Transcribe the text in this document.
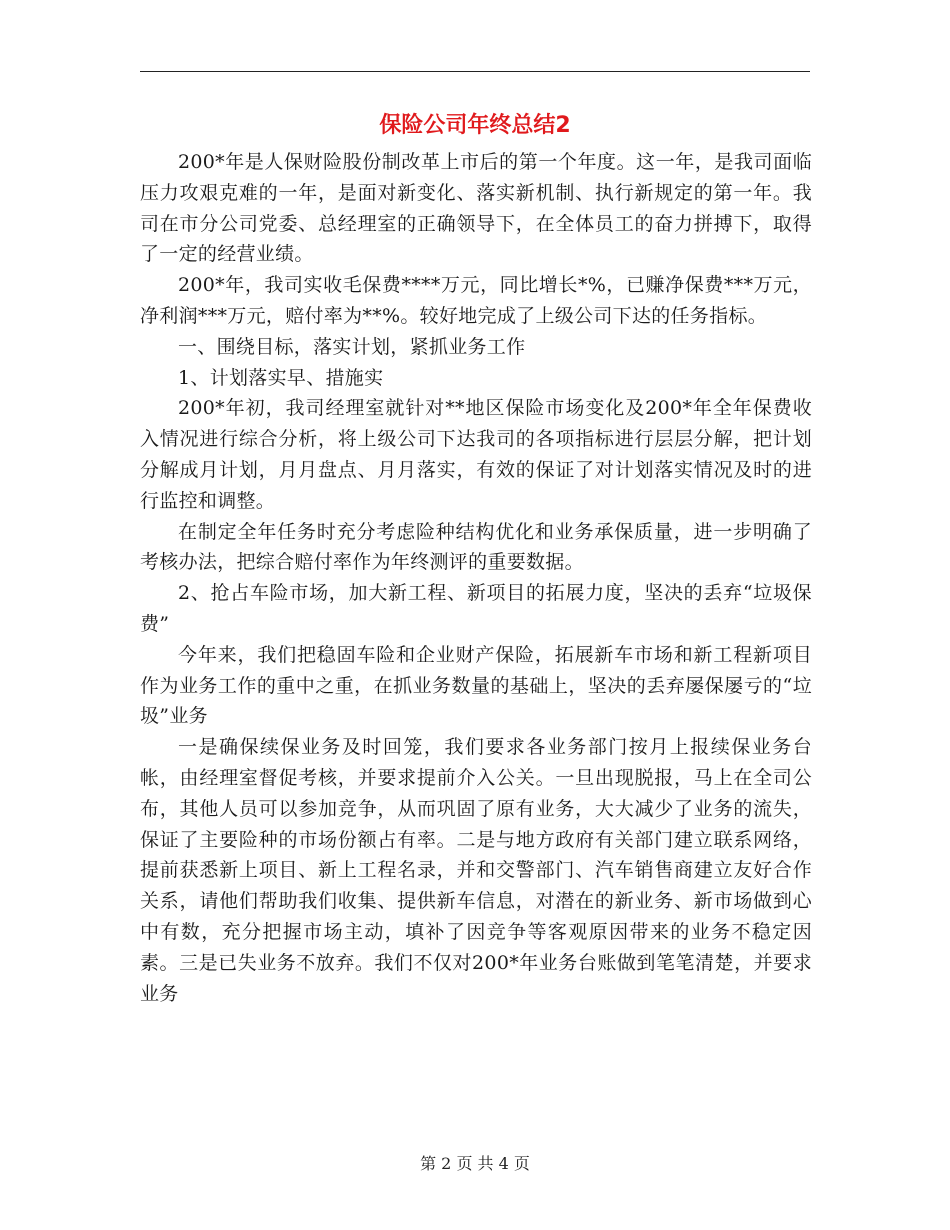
保险公司年终总结2

200*年是人保财险股份制改革上市后的第一个年度。这一年，是我司面临压力攻艰克难的一年，是面对新变化、落实新机制、执行新规定的第一年。我司在市分公司党委、总经理室的正确领导下，在全体员工的奋力拼搏下，取得了一定的经营业绩。

200*年，我司实收毛保费****万元，同比增长*%，已赚净保费***万元，净利润***万元，赔付率为**%。较好地完成了上级公司下达的任务指标。

一、围绕目标，落实计划，紧抓业务工作

1、计划落实早、措施实

200*年初，我司经理室就针对**地区保险市场变化及200*年全年保费收入情况进行综合分析，将上级公司下达我司的各项指标进行层层分解，把计划分解成月计划，月月盘点、月月落实，有效的保证了对计划落实情况及时的进行监控和调整。

在制定全年任务时充分考虑险种结构优化和业务承保质量，进一步明确了考核办法，把综合赔付率作为年终测评的重要数据。

2、抢占车险市场，加大新工程、新项目的拓展力度，坚决的丢弃“垃圾保费”

今年来，我们把稳固车险和企业财产保险，拓展新车市场和新工程新项目作为业务工作的重中之重，在抓业务数量的基础上，坚决的丢弃屡保屡亏的“垃圾”业务

一是确保续保业务及时回笼，我们要求各业务部门按月上报续保业务台帐，由经理室督促考核，并要求提前介入公关。一旦出现脱报，马上在全司公布，其他人员可以参加竞争，从而巩固了原有业务，大大减少了业务的流失，保证了主要险种的市场份额占有率。二是与地方政府有关部门建立联系网络，提前获悉新上项目、新上工程名录，并和交警部门、汽车销售商建立友好合作关系，请他们帮助我们收集、提供新车信息，对潜在的新业务、新市场做到心中有数，充分把握市场主动，填补了因竞争等客观原因带来的业务不稳定因素。三是已失业务不放弃。我们不仅对200*年业务台账做到笔笔清楚，并要求业务

第 2 页 共 4 页
